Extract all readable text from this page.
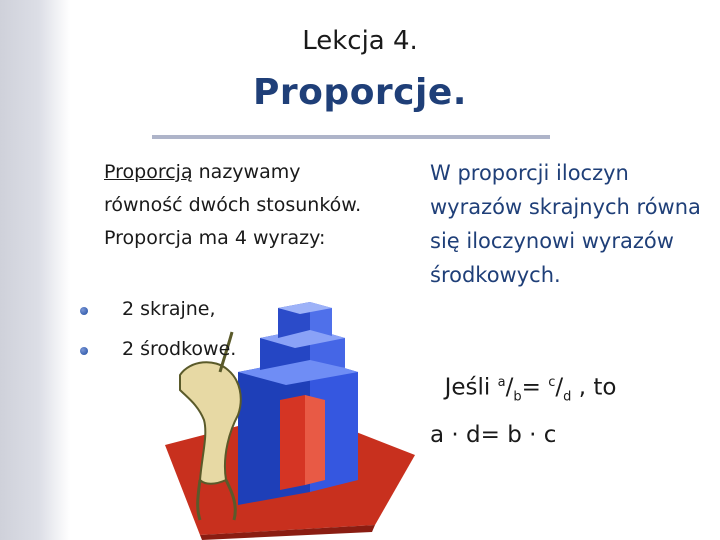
Lekcja 4.
Proporcje.
Proporcją nazywamy równość dwóch stosunków. Proporcja ma 4 wyrazy:
2 skrajne,
2 środkowe.
W proporcji iloczyn wyrazów skrajnych równa się iloczynowi wyrazów środkowych.
Jeśli $^a/_b= ^c/_d$ , to
a · d= b · c
